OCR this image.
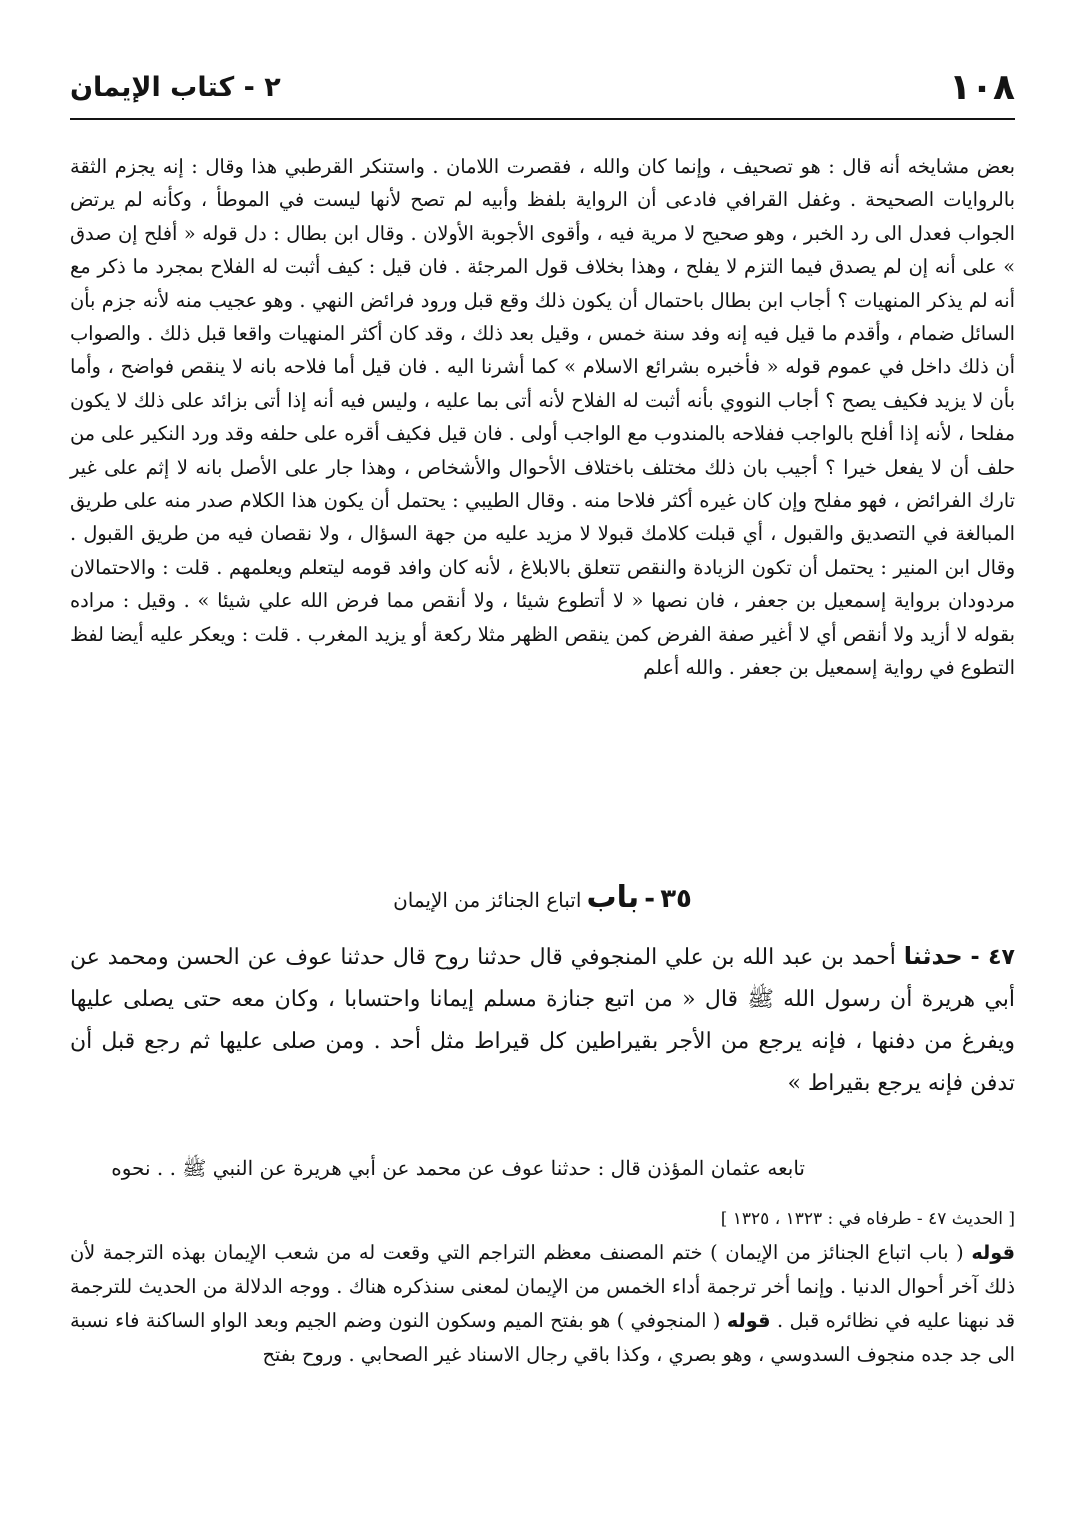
١٠٨
٢ - كتاب الإيمان

بعض مشايخه أنه قال : هو تصحيف ، وإنما كان والله ، فقصرت اللامان . واستنكر القرطبي هذا وقال : إنه يجزم الثقة بالروايات الصحيحة . وغفل القرافي فادعى أن الرواية بلفظ وأبيه لم تصح لأنها ليست في الموطأ ، وكأنه لم يرتض الجواب فعدل الى رد الخبر ، وهو صحيح لا مرية فيه ، وأقوى الأجوبة الأولان . وقال ابن بطال : دل قوله « أفلح إن صدق » على أنه إن لم يصدق فيما التزم لا يفلح ، وهذا بخلاف قول المرجئة . فان قيل : كيف أثبت له الفلاح بمجرد ما ذكر مع أنه لم يذكر المنهيات ؟ أجاب ابن بطال باحتمال أن يكون ذلك وقع قبل ورود فرائض النهي . وهو عجيب منه لأنه جزم بأن السائل ضمام ، وأقدم ما قيل فيه إنه وفد سنة خمس ، وقيل بعد ذلك ، وقد كان أكثر المنهيات واقعا قبل ذلك . والصواب أن ذلك داخل في عموم قوله « فأخبره بشرائع الاسلام » كما أشرنا اليه . فان قيل أما فلاحه بانه لا ينقص فواضح ، وأما بأن لا يزيد فكيف يصح ؟ أجاب النووي بأنه أثبت له الفلاح لأنه أتى بما عليه ، وليس فيه أنه إذا أتى بزائد على ذلك لا يكون مفلحا ، لأنه إذا أفلح بالواجب ففلاحه بالمندوب مع الواجب أولى . فان قيل فكيف أقره على حلفه وقد ورد النكير على من حلف أن لا يفعل خيرا ؟ أجيب بان ذلك مختلف باختلاف الأحوال والأشخاص ، وهذا جار على الأصل بانه لا إثم على غير تارك الفرائض ، فهو مفلح وإن كان غيره أكثر فلاحا منه . وقال الطيبي : يحتمل أن يكون هذا الكلام صدر منه على طريق المبالغة في التصديق والقبول ، أي قبلت كلامك قبولا لا مزيد عليه من جهة السؤال ، ولا نقصان فيه من طريق القبول . وقال ابن المنير : يحتمل أن تكون الزيادة والنقص تتعلق بالابلاغ ، لأنه كان وافد قومه ليتعلم ويعلمهم . قلت : والاحتمالان مردودان برواية إسمعيل بن جعفر ، فان نصها « لا أتطوع شيئا ، ولا أنقص مما فرض الله علي شيئا » . وقيل : مراده بقوله لا أزيد ولا أنقص أي لا أغير صفة الفرض كمن ينقص الظهر مثلا ركعة أو يزيد المغرب . قلت : ويعكر عليه أيضا لفظ التطوع في رواية إسمعيل بن جعفر . والله أعلم

٣٥ - باب اتباع الجنائز من الإيمان

٤٧ - حدثنا أحمد بن عبد الله بن علي المنجوفي قال حدثنا روح قال حدثنا عوف عن الحسن ومحمد عن أبي هريرة أن رسول الله ﷺ قال « من اتبع جنازة مسلم إيمانا واحتسابا ، وكان معه حتى يصلى عليها ويفرغ من دفنها ، فإنه يرجع من الأجر بقيراطين كل قيراط مثل أحد . ومن صلى عليها ثم رجع قبل أن تدفن فإنه يرجع بقيراط »

تابعه عثمان المؤذن قال : حدثنا عوف عن محمد عن أبي هريرة عن النبي ﷺ . . نحوه
[ الحديث ٤٧ - طرفاه في : ١٣٢٣ ، ١٣٢٥ ]

قوله ( باب اتباع الجنائز من الإيمان ) ختم المصنف معظم التراجم التي وقعت له من شعب الإيمان بهذه الترجمة لأن ذلك آخر أحوال الدنيا . وإنما أخر ترجمة أداء الخمس من الإيمان لمعنى سنذكره هناك . ووجه الدلالة من الحديث للترجمة قد نبهنا عليه في نظائره قبل . قوله ( المنجوفي ) هو بفتح الميم وسكون النون وضم الجيم وبعد الواو الساكنة فاء نسبة الى جد جده منجوف السدوسي ، وهو بصري ، وكذا باقي رجال الاسناد غير الصحابي . وروح بفتح
